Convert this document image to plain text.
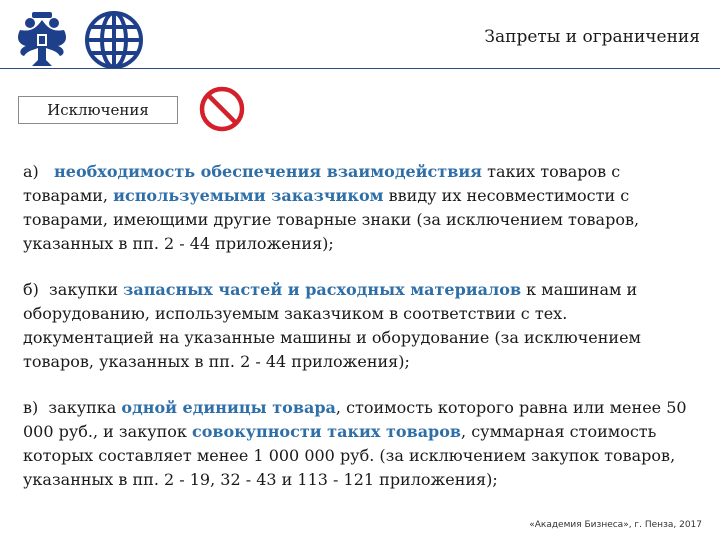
Запреты и ограничения
Исключения

а) необходимость обеспечения взаимодействия таких товаров с товарами, используемыми заказчиком ввиду их несовместимости с товарами, имеющими другие товарные знаки (за исключением товаров, указанных в пп. 2 - 44 приложения);

б) закупки запасных частей и расходных материалов к машинам и оборудованию, используемым заказчиком в соответствии с тех. документацией на указанные машины и оборудование (за исключением товаров, указанных в пп. 2 - 44 приложения);

в) закупка одной единицы товара, стоимость которого равна или менее 50 000 руб., и закупок совокупности таких товаров, суммарная стоимость которых составляет менее 1 000 000 руб. (за исключением закупок товаров, указанных в пп. 2 - 19, 32 - 43 и 113 - 121 приложения);

«Академия Бизнеса», г. Пенза, 2017
